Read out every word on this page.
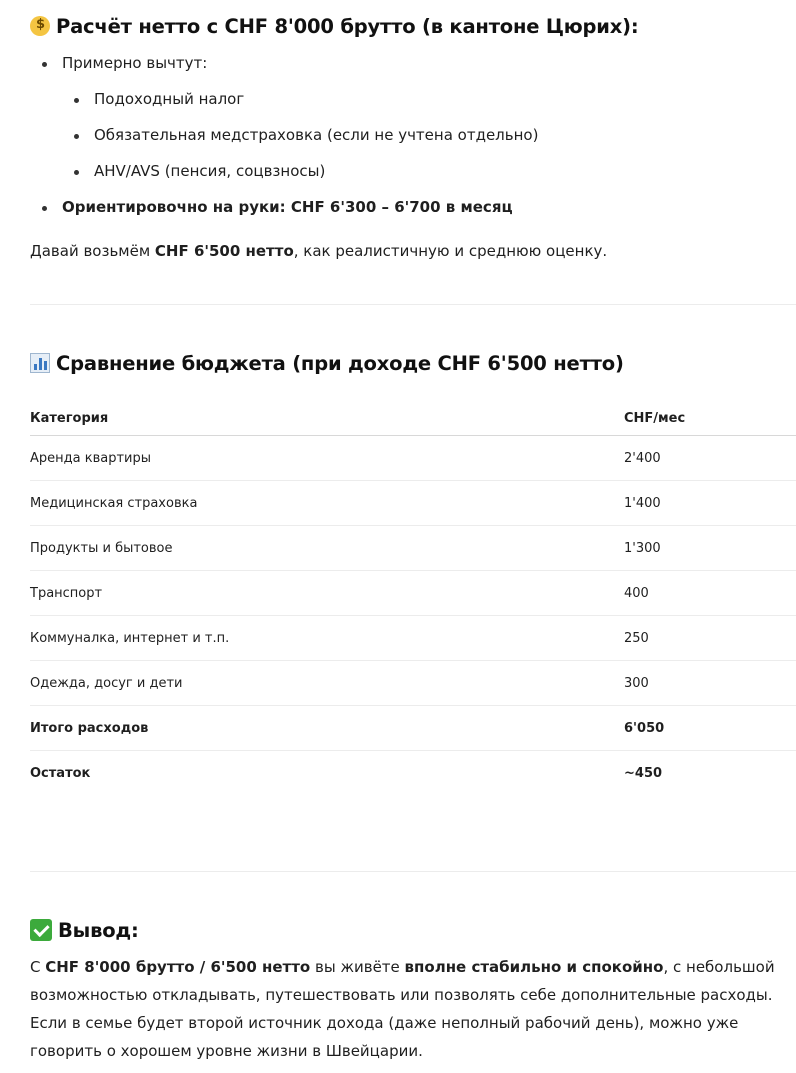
$
Расчёт нетто с CHF 8'000 брутто (в кантоне Цюрих):
Примерно вычтут:
Подоходный налог
Обязательная медстраховка (если не учтена отдельно)
AHV/AVS (пенсия, соцвзносы)
Ориентировочно на руки: CHF 6'300 – 6'700 в месяц

Давай возьмём CHF 6'500 нетто, как реалистичную и среднюю оценку.

Сравнение бюджета (при доходе CHF 6'500 нетто)
Категория	CHF/мес
Аренда квартиры	2'400
Медицинская страховка	1'400
Продукты и бытовое	1'300
Транспорт	400
Коммуналка, интернет и т.п.	250
Одежда, досуг и дети	300
Итого расходов	6'050
Остаток	~450
Вывод:

С CHF 8'000 брутто / 6'500 нетто вы живёте вполне стабильно и спокойно, с небольшой возможностью откладывать, путешествовать или позволять себе дополнительные расходы. Если в семье будет второй источник дохода (даже неполный рабочий день), можно уже говорить о хорошем уровне жизни в Швейцарии.
